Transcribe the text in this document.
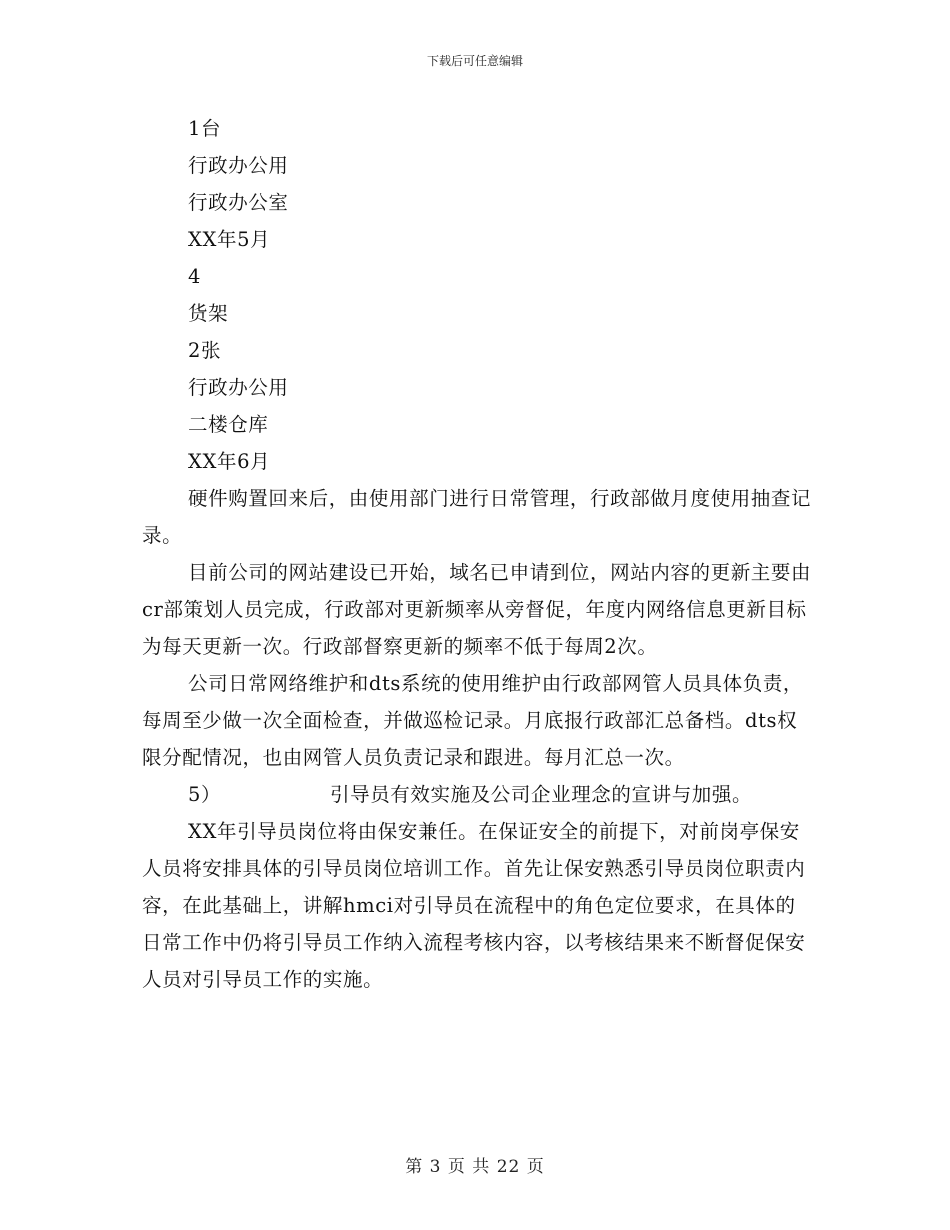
下载后可任意编辑
1台
行政办公用
行政办公室
XX年5月
4
货架
2张
行政办公用
二楼仓库
XX年6月

硬件购置回来后，由使用部门进行日常管理，行政部做月度使用抽查记录。

目前公司的网站建设已开始，域名已申请到位，网站内容的更新主要由cr部策划人员完成，行政部对更新频率从旁督促，年度内网络信息更新目标为每天更新一次。行政部督察更新的频率不低于每周2次。

公司日常网络维护和dts系统的使用维护由行政部网管人员具体负责，每周至少做一次全面检查，并做巡检记录。月底报行政部汇总备档。dts权限分配情况，也由网管人员负责记录和跟进。每月汇总一次。

5）	引导员有效实施及公司企业理念的宣讲与加强。

XX年引导员岗位将由保安兼任。在保证安全的前提下，对前岗亭保安人员将安排具体的引导员岗位培训工作。首先让保安熟悉引导员岗位职责内容，在此基础上，讲解hmci对引导员在流程中的角色定位要求，在具体的日常工作中仍将引导员工作纳入流程考核内容，以考核结果来不断督促保安人员对引导员工作的实施。

第 3 页 共 22 页
